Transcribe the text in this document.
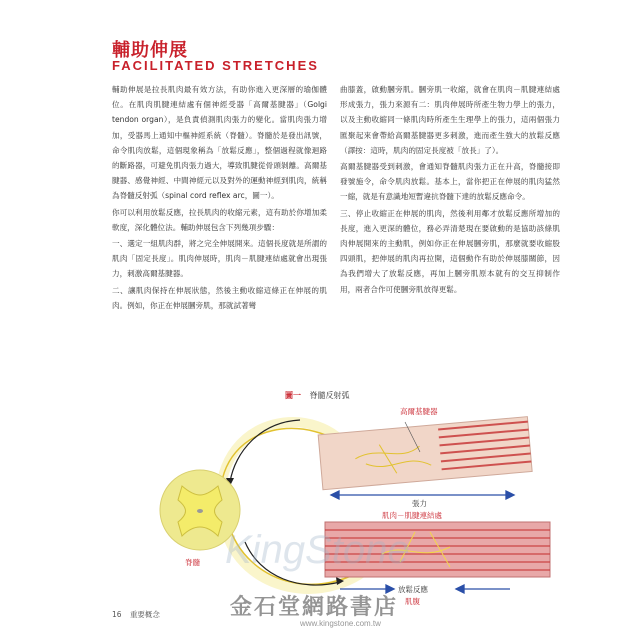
輔助伸展
FACILITATED STRETCHES

輔助伸展是拉長肌肉最有效方法，有助你進入更深層的瑜伽體位。在肌肉肌腱連結處有個神經受器「高爾基腱器」（Golgi tendon organ），是負責偵測肌肉張力的變化。當肌肉張力增加，受器馬上通知中樞神經系統（脊髓）。脊髓於是發出訊號，命令肌肉放鬆，這個現象稱為「放鬆反應」，整個過程就像迴路的斷路器，可避免肌肉張力過大，導致肌腱從骨頭剝離。高爾基腱器、感覺神經、中間神經元以及對外的運動神經到肌肉，統稱為脊髓反射弧（spinal cord reflex arc，圖一）。

你可以利用放鬆反應，拉長肌肉的收縮元素，這有助於你增加柔軟度，深化體位法。輔助伸展包含下列幾項步驟：

一、選定一組肌肉群，將之完全伸展開來。這個長度就是所謂的肌肉「固定長度」。肌肉伸展時，肌肉－肌腱連結處就會出現張力，刺激高爾基腱器。

二、讓肌肉保持在伸展狀態，然後主動收縮這條正在伸展的肌肉。例如，你正在伸展膕旁肌，那就試著彎

曲膝蓋，啟動膕旁肌。膕旁肌一收縮，就會在肌肉－肌腱連結處形成張力，張力來源有二：肌肉伸展時所產生物力學上的張力，以及主動收縮同一條肌肉時所產生生理學上的張力，這兩個張力匯聚起來會帶給高爾基腱器更多刺激，進而產生強大的放鬆反應（譯按：這時，肌肉的固定長度被「放長」了）。

高爾基腱器受到刺激，會通知脊髓肌肉張力正在升高，脊髓接即發號施令，命令肌肉放鬆。基本上，當你把正在伸展的肌肉猛然一縮，就是有意識地短暫違抗脊髓下達的放鬆反應命令。

三、停止收縮正在伸展的肌肉，然後利用鄰才放鬆反應所增加的長度，進入更深的體位，務必弄清楚現在要啟動的是協助該條肌肉伸展開來的主動肌，例如你正在伸展膕旁肌，那麼就要收縮股四頭肌，把伸展的肌肉再拉開，這個動作有助於伸展膝關節，因為我們增大了放鬆反應，再加上膕旁肌原本就有的交互抑制作用，兩者合作可使膕旁肌放得更鬆。

圖一 脊髓反射弧
高爾基腱器
張力
肌肉－肌腱連結處
脊髓
放鬆反應
肌腹
KingStone
金石堂網路書店
www.kingstone.com.tw
16 重要概念
